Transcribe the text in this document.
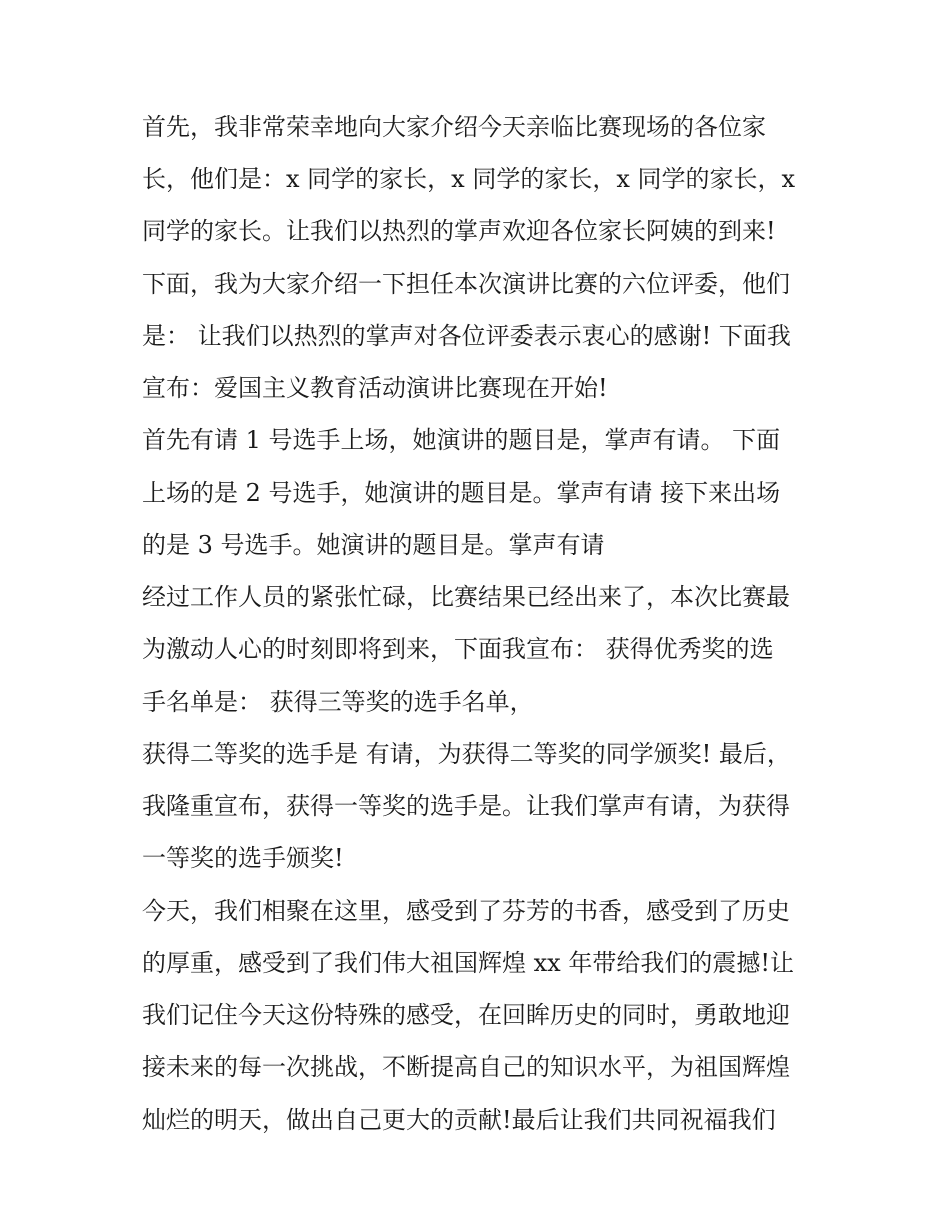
首先，我非常荣幸地向大家介绍今天亲临比赛现场的各位家
长，他们是：x 同学的家长，x 同学的家长，x 同学的家长，x
同学的家长。让我们以热烈的掌声欢迎各位家长阿姨的到来!
下面，我为大家介绍一下担任本次演讲比赛的六位评委，他们
是： 让我们以热烈的掌声对各位评委表示衷心的感谢! 下面我
宣布：爱国主义教育活动演讲比赛现在开始!
首先有请 1 号选手上场，她演讲的题目是，掌声有请。 下面
上场的是 2 号选手，她演讲的题目是。掌声有请 接下来出场
的是 3 号选手。她演讲的题目是。掌声有请
经过工作人员的紧张忙碌，比赛结果已经出来了，本次比赛最
为激动人心的时刻即将到来，下面我宣布： 获得优秀奖的选
手名单是： 获得三等奖的选手名单，
获得二等奖的选手是 有请，为获得二等奖的同学颁奖! 最后，
我隆重宣布，获得一等奖的选手是。让我们掌声有请，为获得
一等奖的选手颁奖!
今天，我们相聚在这里，感受到了芬芳的书香，感受到了历史
的厚重，感受到了我们伟大祖国辉煌 xx 年带给我们的震撼!让
我们记住今天这份特殊的感受，在回眸历史的同时，勇敢地迎
接未来的每一次挑战，不断提高自己的知识水平，为祖国辉煌
灿烂的明天，做出自己更大的贡献!最后让我们共同祝福我们
